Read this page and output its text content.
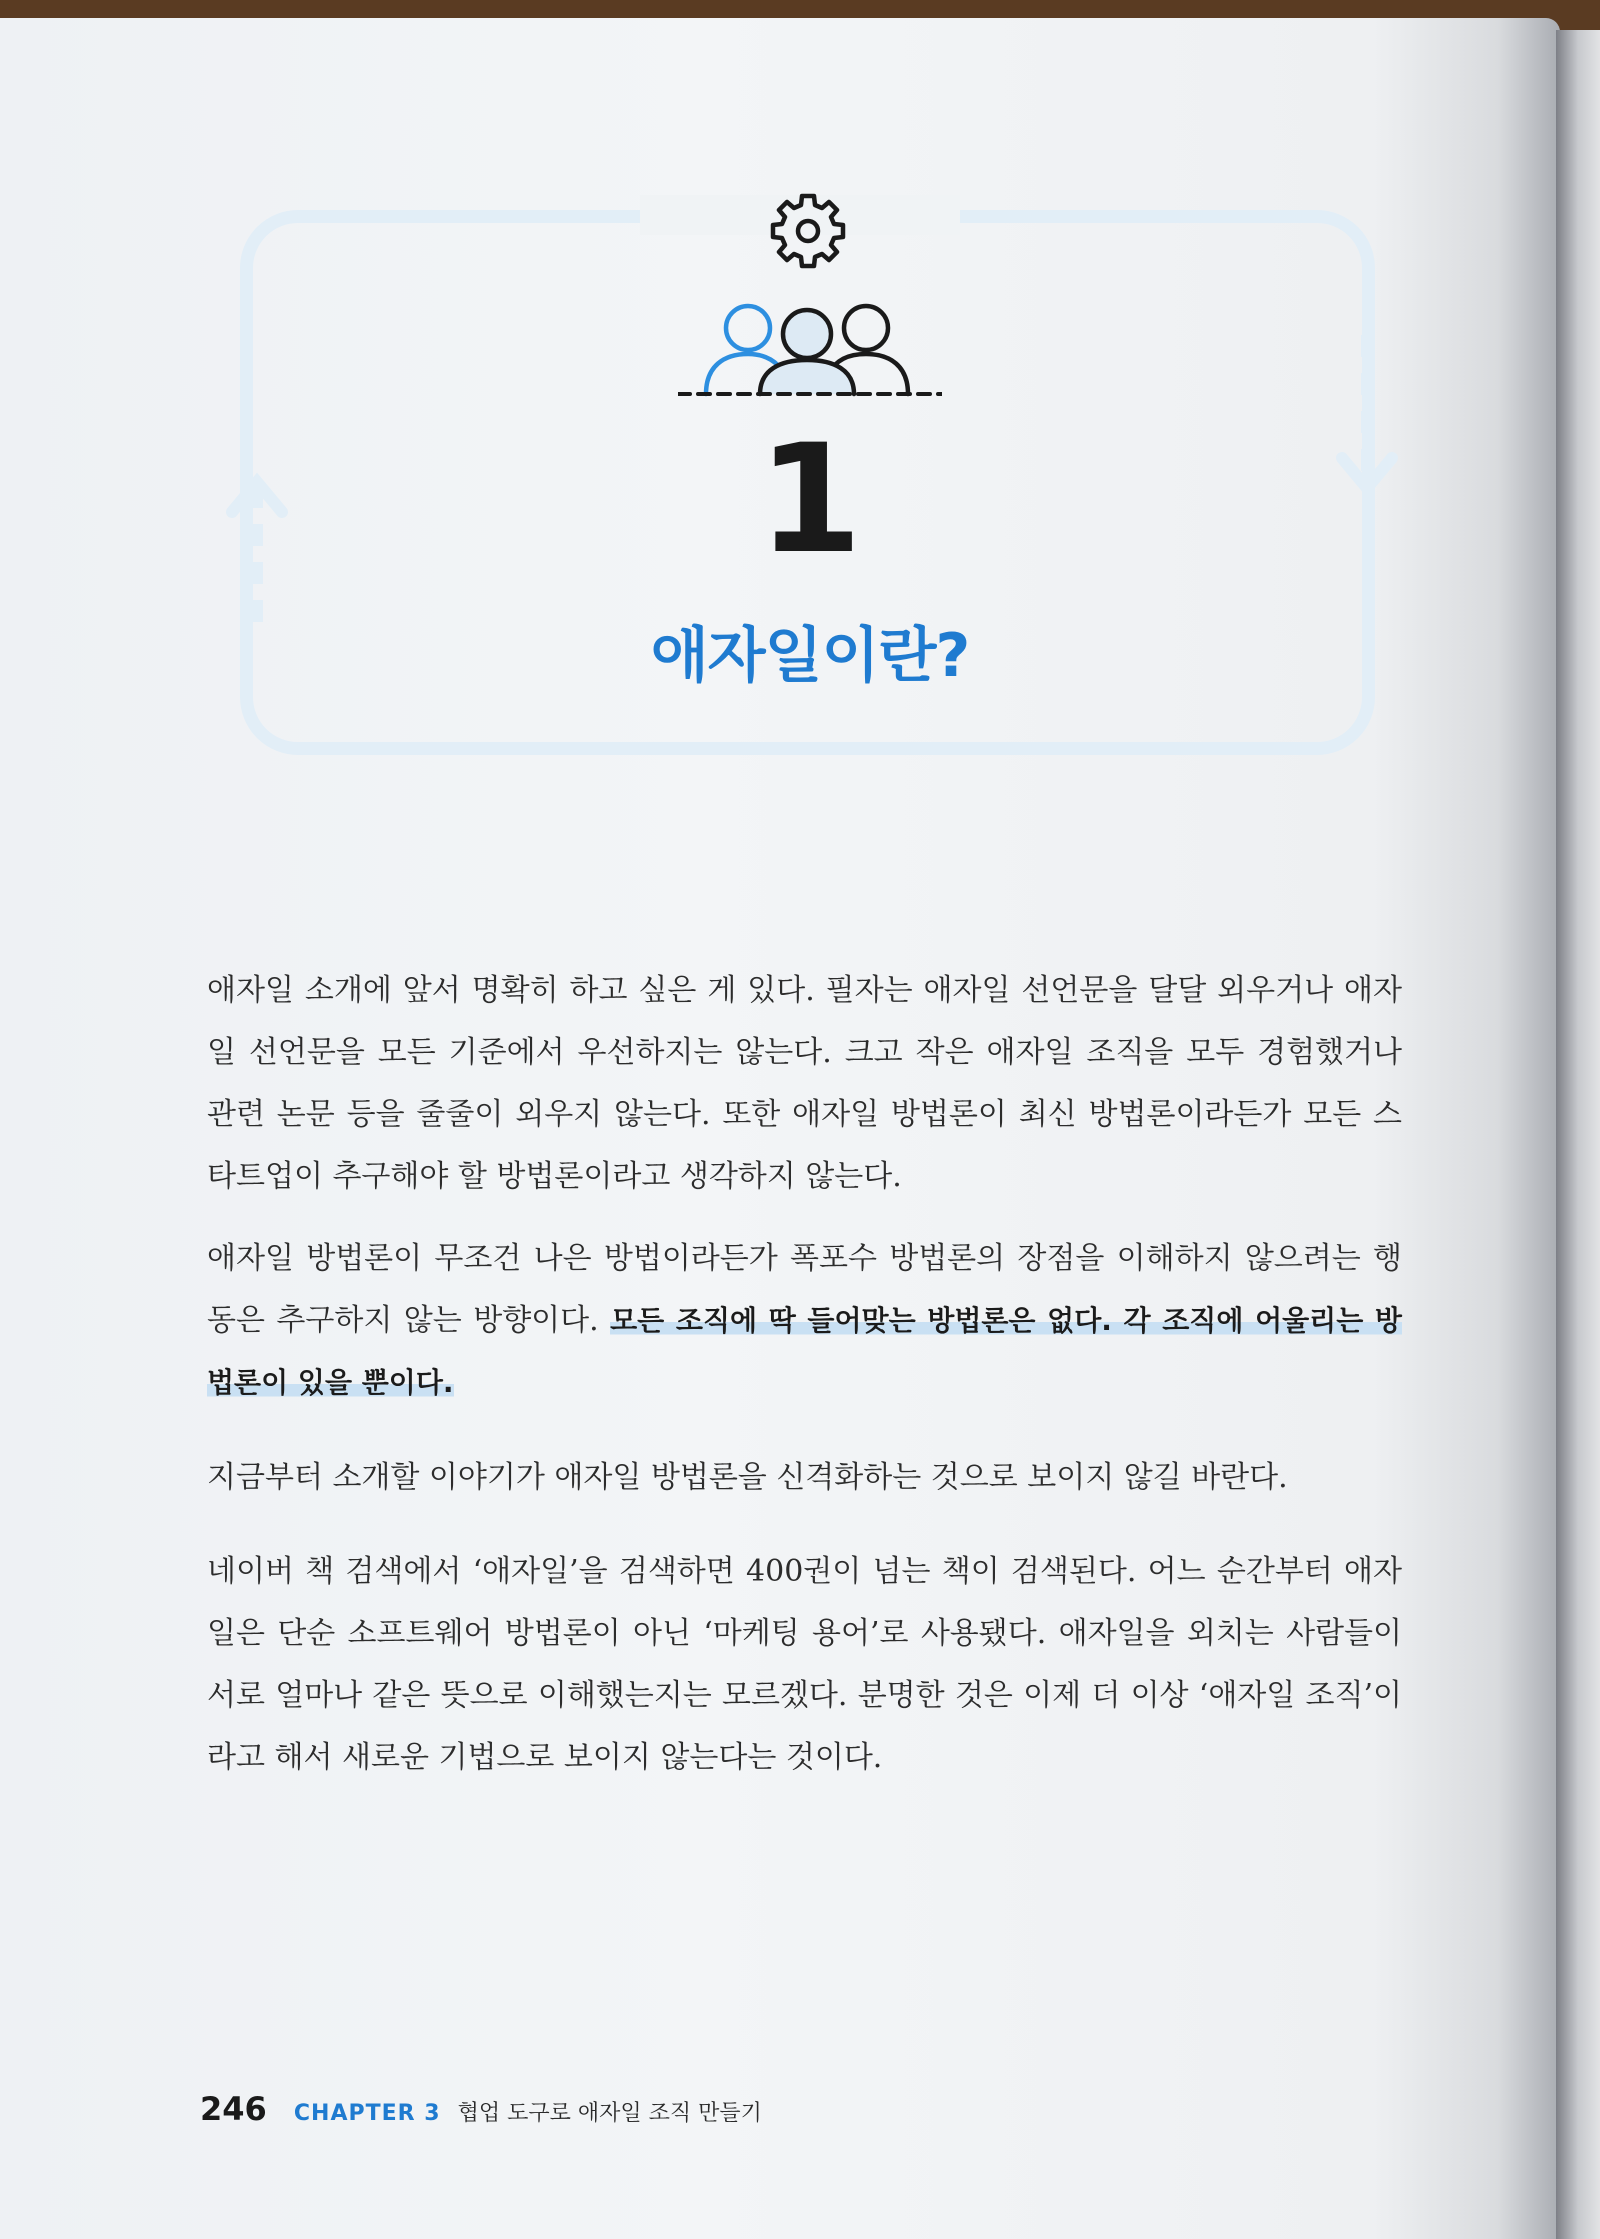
1
애자일이란?
애자일 소개에 앞서 명확히 하고 싶은 게 있다. 필자는 애자일 선언문을 달달 외우거나 애자일 선언문을 모든 기준에서 우선하지는 않는다. 크고 작은 애자일 조직을 모두 경험했거나 관련 논문 등을 줄줄이 외우지 않는다. 또한 애자일 방법론이 최신 방법론이라든가 모든 스타트업이 추구해야 할 방법론이라고 생각하지 않는다.
애자일 방법론이 무조건 나은 방법이라든가 폭포수 방법론의 장점을 이해하지 않으려는 행동은 추구하지 않는 방향이다. 모든 조직에 딱 들어맞는 방법론은 없다. 각 조직에 어울리는 방법론이 있을 뿐이다.
지금부터 소개할 이야기가 애자일 방법론을 신격화하는 것으로 보이지 않길 바란다.
네이버 책 검색에서 ‘애자일’을 검색하면 400권이 넘는 책이 검색된다. 어느 순간부터 애자일은 단순 소프트웨어 방법론이 아닌 ‘마케팅 용어’로 사용됐다. 애자일을 외치는 사람들이 서로 얼마나 같은 뜻으로 이해했는지는 모르겠다. 분명한 것은 이제 더 이상 ‘애자일 조직’이라고 해서 새로운 기법으로 보이지 않는다는 것이다.
246 CHAPTER 3 협업 도구로 애자일 조직 만들기
